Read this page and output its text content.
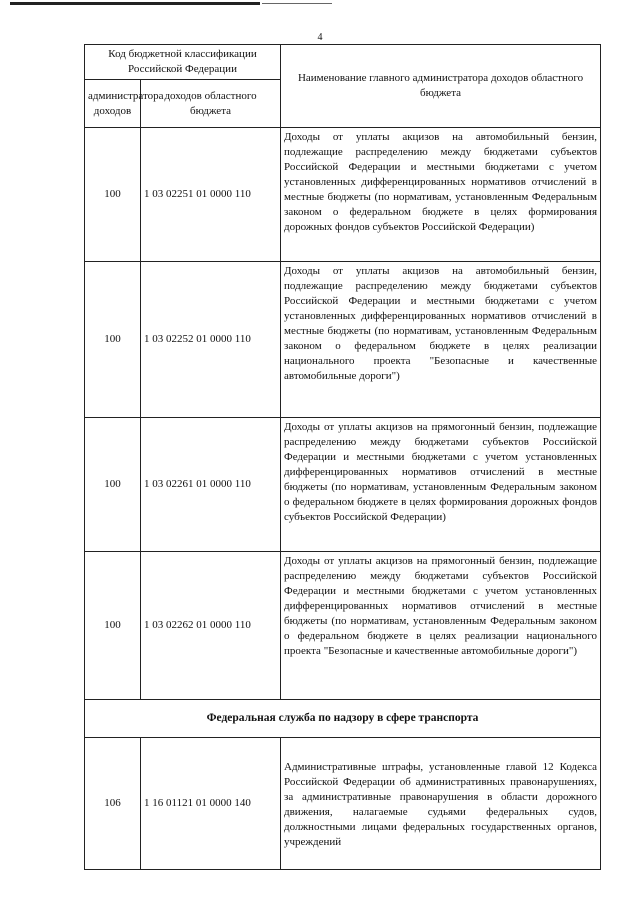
4
Код бюджетной классификации Российской Федерации		Наименование главного администратора доходов областного бюджета
администратора доходов	доходов областного бюджета	
100	1 03 02251 01 0000 110	Доходы от уплаты акцизов на автомобильный бензин, подлежащие распределению между бюджетами субъектов Российской Федерации и местными бюджетами с учетом установленных дифференцированных нормативов отчислений в местные бюджеты (по нормативам, установленным Федеральным законом о федеральном бюджете в целях формирования дорожных фондов субъектов Российской Федерации)
100	1 03 02252 01 0000 110	Доходы от уплаты акцизов на автомобильный бензин, подлежащие распределению между бюджетами субъектов Российской Федерации и местными бюджетами с учетом установленных дифференцированных нормативов отчислений в местные бюджеты (по нормативам, установленным Федеральным законом о федеральном бюджете в целях реализации национального проекта "Безопасные и качественные автомобильные дороги")
100	1 03 02261 01 0000 110	Доходы от уплаты акцизов на прямогонный бензин, подлежащие распределению между бюджетами субъектов Российской Федерации и местными бюджетами с учетом установленных дифференцированных нормативов отчислений в местные бюджеты (по нормативам, установленным Федеральным законом о федеральном бюджете в целях формирования дорожных фондов субъектов Российской Федерации)
100	1 03 02262 01 0000 110	Доходы от уплаты акцизов на прямогонный бензин, подлежащие распределению между бюджетами субъектов Российской Федерации и местными бюджетами с учетом установленных дифференцированных нормативов отчислений в местные бюджеты (по нормативам, установленным Федеральным законом о федеральном бюджете в целях реализации национального проекта "Безопасные и качественные автомобильные дороги")
Федеральная служба по надзору в сфере транспорта		
106	1 16 01121 01 0000 140	Административные штрафы, установленные главой 12 Кодекса Российской Федерации об административных правонарушениях, за административные правонарушения в области дорожного движения, налагаемые судьями федеральных судов, должностными лицами федеральных государственных органов, учреждений
